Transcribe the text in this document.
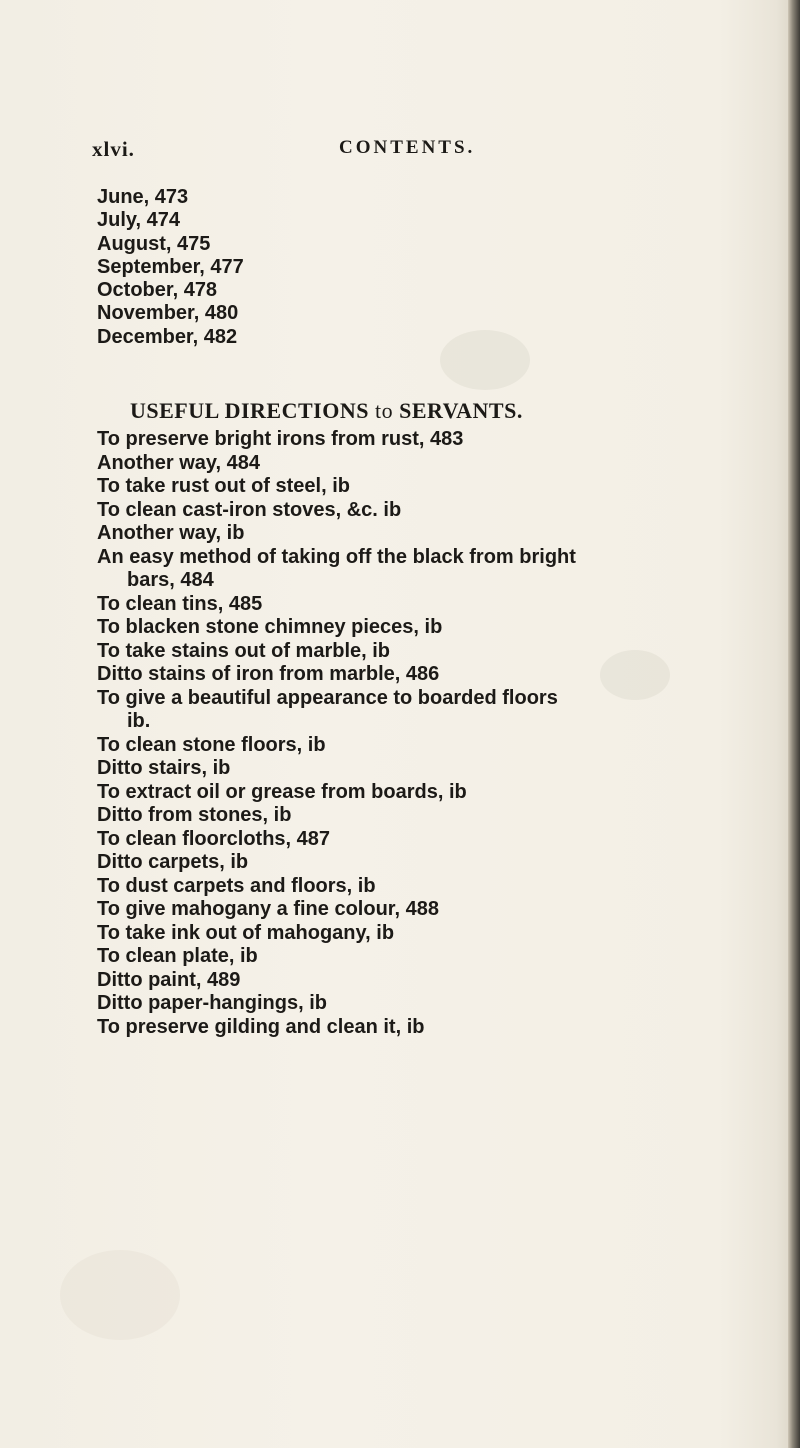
xlvi.	CONTENTS.
June, 473
July, 474
August, 475
September, 477
October, 478
November, 480
December, 482
USEFUL DIRECTIONS to SERVANTS.
To preserve bright irons from rust, 483
Another way, 484
To take rust out of steel, ib
To clean cast-iron stoves, &c. ib
Another way, ib
An easy method of taking off the black from bright
bars, 484
To clean tins, 485
To blacken stone chimney pieces, ib
To take stains out of marble, ib
Ditto stains of iron from marble, 486
To give a beautiful appearance to boarded floors
ib.
To clean stone floors, ib
Ditto stairs, ib
To extract oil or grease from boards, ib
Ditto from stones, ib
To clean floorcloths, 487
Ditto carpets, ib
To dust carpets and floors, ib
To give mahogany a fine colour, 488
To take ink out of mahogany, ib
To clean plate, ib
Ditto paint, 489
Ditto paper-hangings, ib
To preserve gilding and clean it, ib
